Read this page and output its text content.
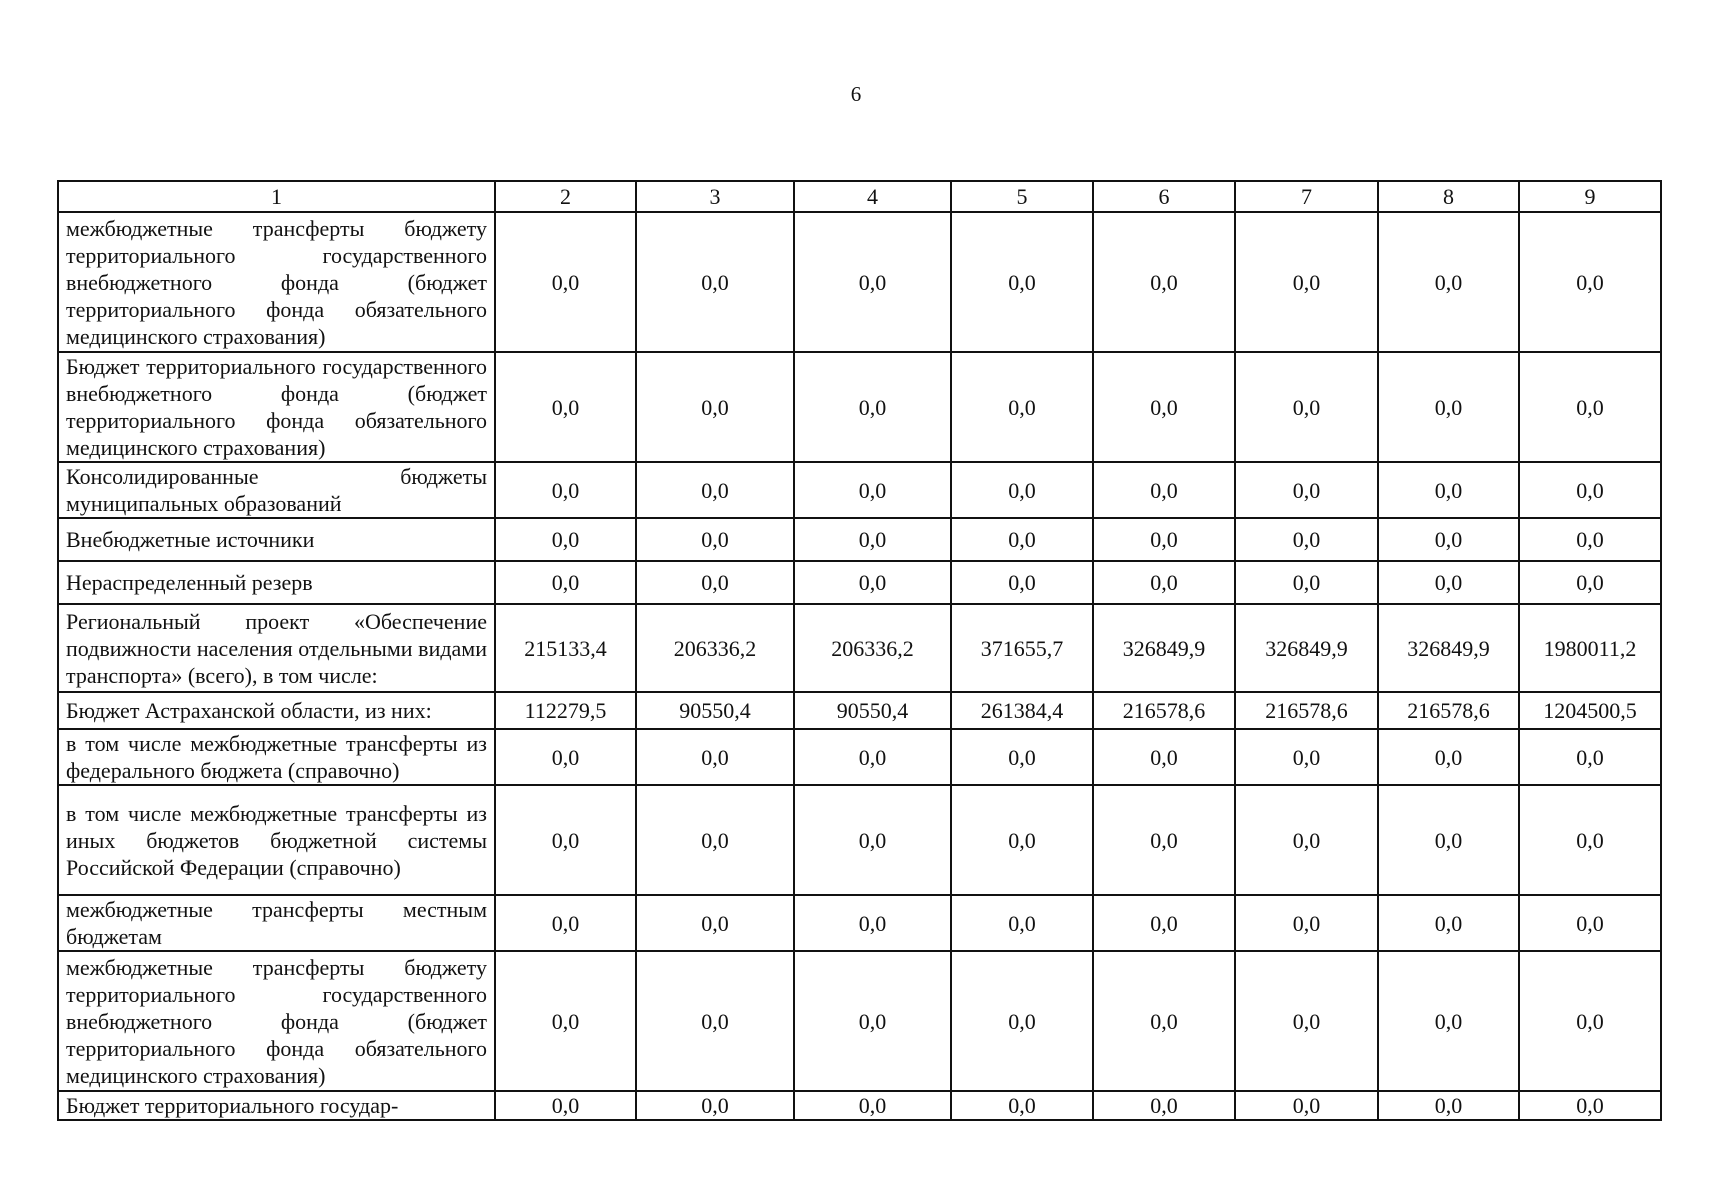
6
1	2	3	4	5	6	7	8	9
межбюджетные трансферты бюджету территориального государственного внебюджетного фонда (бюджет территориального фонда обязательного медицинского страхования)	0,0	0,0	0,0	0,0	0,0	0,0	0,0	0,0
Бюджет территориального государственного внебюджетного фонда (бюджет территориального фонда обязательного медицинского страхования)	0,0	0,0	0,0	0,0	0,0	0,0	0,0	0,0
Консолидированные бюджеты муниципальных образований	0,0	0,0	0,0	0,0	0,0	0,0	0,0	0,0
Внебюджетные источники	0,0	0,0	0,0	0,0	0,0	0,0	0,0	0,0
Нераспределенный резерв	0,0	0,0	0,0	0,0	0,0	0,0	0,0	0,0
Региональный проект «Обеспечение подвижности населения отдельными видами транспорта» (всего), в том числе:	215133,4	206336,2	206336,2	371655,7	326849,9	326849,9	326849,9	1980011,2
Бюджет Астраханской области, из них:	112279,5	90550,4	90550,4	261384,4	216578,6	216578,6	216578,6	1204500,5
в том числе межбюджетные трансферты из федерального бюджета (справочно)	0,0	0,0	0,0	0,0	0,0	0,0	0,0	0,0
в том числе межбюджетные трансферты из иных бюджетов бюджетной системы Российской Федерации (справочно)	0,0	0,0	0,0	0,0	0,0	0,0	0,0	0,0
межбюджетные трансферты местным бюджетам	0,0	0,0	0,0	0,0	0,0	0,0	0,0	0,0
межбюджетные трансферты бюджету территориального государственного внебюджетного фонда (бюджет территориального фонда обязательного медицинского страхования)	0,0	0,0	0,0	0,0	0,0	0,0	0,0	0,0
Бюджет территориального государ-	0,0	0,0	0,0	0,0	0,0	0,0	0,0	0,0
